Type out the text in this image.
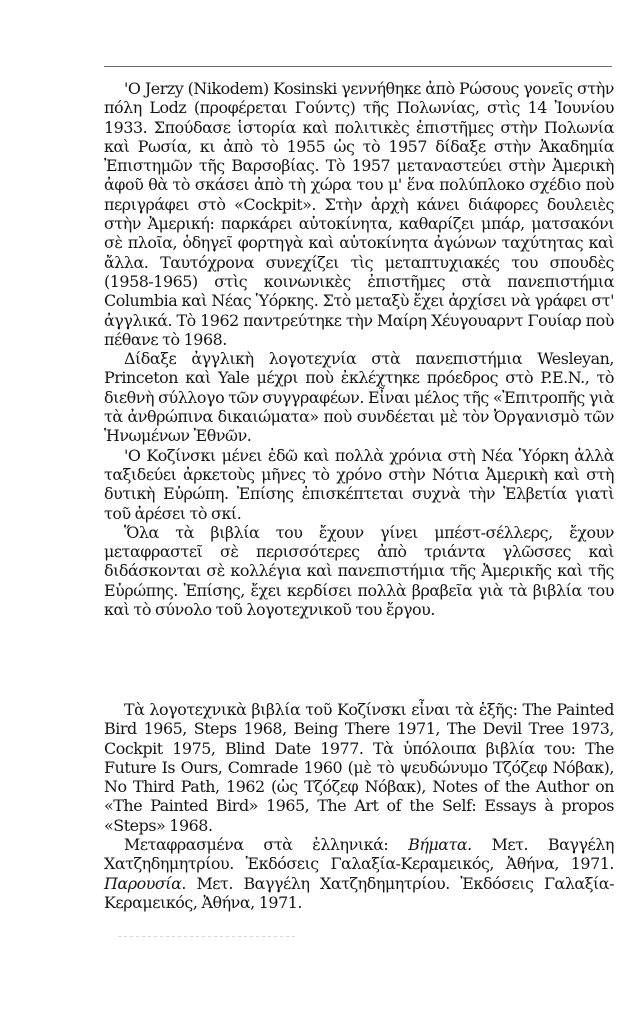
'Ο Jerzy (Nikodem) Kosinski γεννήθηκε ἀπὸ Ρώσους γονεῖς στὴν πόλη Lodz (προφέρεται Γούντς) τῆς Πολωνίας, στὶς 14 Ἰουνίου 1933. Σπούδασε ἱστορία καὶ πολιτικὲς ἐπιστῆμες στὴν Πολωνία καὶ Ρωσία, κι ἀπὸ τὸ 1955 ὡς τὸ 1957 δίδαξε στὴν Ἀκαδημία Ἐπιστημῶν τῆς Βαρσοβίας. Τὸ 1957 μεταναστεύει στὴν Ἀμερικὴ ἀφοῦ θὰ τὸ σκάσει ἀπὸ τὴ χώρα του μ' ἕνα πολύπλοκο σχέδιο ποὺ περιγράφει στὸ «Cockpit». Στὴν ἀρχὴ κάνει διάφορες δουλειὲς στὴν Ἀμερική: παρκάρει αὐτοκίνητα, καθαρίζει μπάρ, ματσακόνι σὲ πλοῖα, ὁδηγεῖ φορτηγὰ καὶ αὐτοκίνητα ἀγώνων ταχύτητας καὶ ἄλλα. Ταυτόχρονα συνεχίζει τὶς μεταπτυχιακές του σπουδὲς (1958-1965) στὶς κοινωνικὲς ἐπιστῆμες στὰ πανεπιστήμια Columbia καὶ Νέας Ὑόρκης. Στὸ μεταξὺ ἔχει ἀρχίσει νὰ γράφει στ' ἀγγλικά. Τὸ 1962 παντρεύτηκε τὴν Μαίρη Χέυγουαρντ Γουίαρ ποὺ πέθανε τὸ 1968.

Δίδαξε ἀγγλικὴ λογοτεχνία στὰ πανεπιστήμια Wesleyan, Princeton καὶ Yale μέχρι ποὺ ἐκλέχτηκε πρόεδρος στὸ P.E.N., τὸ διεθνὴ σύλλογο τῶν συγγραφέων. Εἶναι μέλος τῆς «Ἐπιτροπῆς γιὰ τὰ ἀνθρώπινα δικαιώματα» ποὺ συνδέεται μὲ τὸν Ὀργανισμὸ τῶν Ἡνωμένων Ἐθνῶν.

'Ο Κοζίνσκι μένει ἐδῶ καὶ πολλὰ χρόνια στὴ Νέα Ὑόρκη ἀλλὰ ταξιδεύει ἀρκετοὺς μῆνες τὸ χρόνο στὴν Νότια Ἀμερικὴ καὶ στὴ δυτικὴ Εὐρώπη. Ἐπίσης ἐπισκέπτεται συχνὰ τὴν Ἑλβετία γιατὶ τοῦ ἀρέσει τὸ σκί.

Ὅλα τὰ βιβλία του ἔχουν γίνει μπέστ-σέλλερς, ἔχουν μεταφραστεῖ σὲ περισσότερες ἀπὸ τριάντα γλῶσσες καὶ διδάσκονται σὲ κολλέγια καὶ πανεπιστήμια τῆς Ἀμερικῆς καὶ τῆς Εὐρώπης. Ἐπίσης, ἔχει κερδίσει πολλὰ βραβεῖα γιὰ τὰ βιβλία του καὶ τὸ σύνολο τοῦ λογοτεχνικοῦ του ἔργου.

Τὰ λογοτεχνικὰ βιβλία τοῦ Κοζίνσκι εἶναι τὰ ἑξῆς: The Painted Bird 1965, Steps 1968, Being There 1971, The Devil Tree 1973, Cockpit 1975, Blind Date 1977. Τὰ ὑπόλοιπα βιβλία του: The Future Is Ours, Comrade 1960 (μὲ τὸ ψευδώνυμο Τζόζεφ Νόβακ), No Third Path, 1962 (ὡς Τζόζεφ Νόβακ), Notes of the Author on «The Painted Bird» 1965, The Art of the Self: Essays à propos «Steps» 1968.

Μεταφρασμένα στὰ ἑλληνικά: Βήματα. Μετ. Βαγγέλη Χατζηδημητρίου. Ἐκδόσεις Γαλαξία-Κεραμεικός, Ἀθήνα, 1971. Παρουσία. Μετ. Βαγγέλη Χατζηδημητρίου. Ἐκδόσεις Γαλαξία-Κεραμεικός, Ἀθήνα, 1971.
